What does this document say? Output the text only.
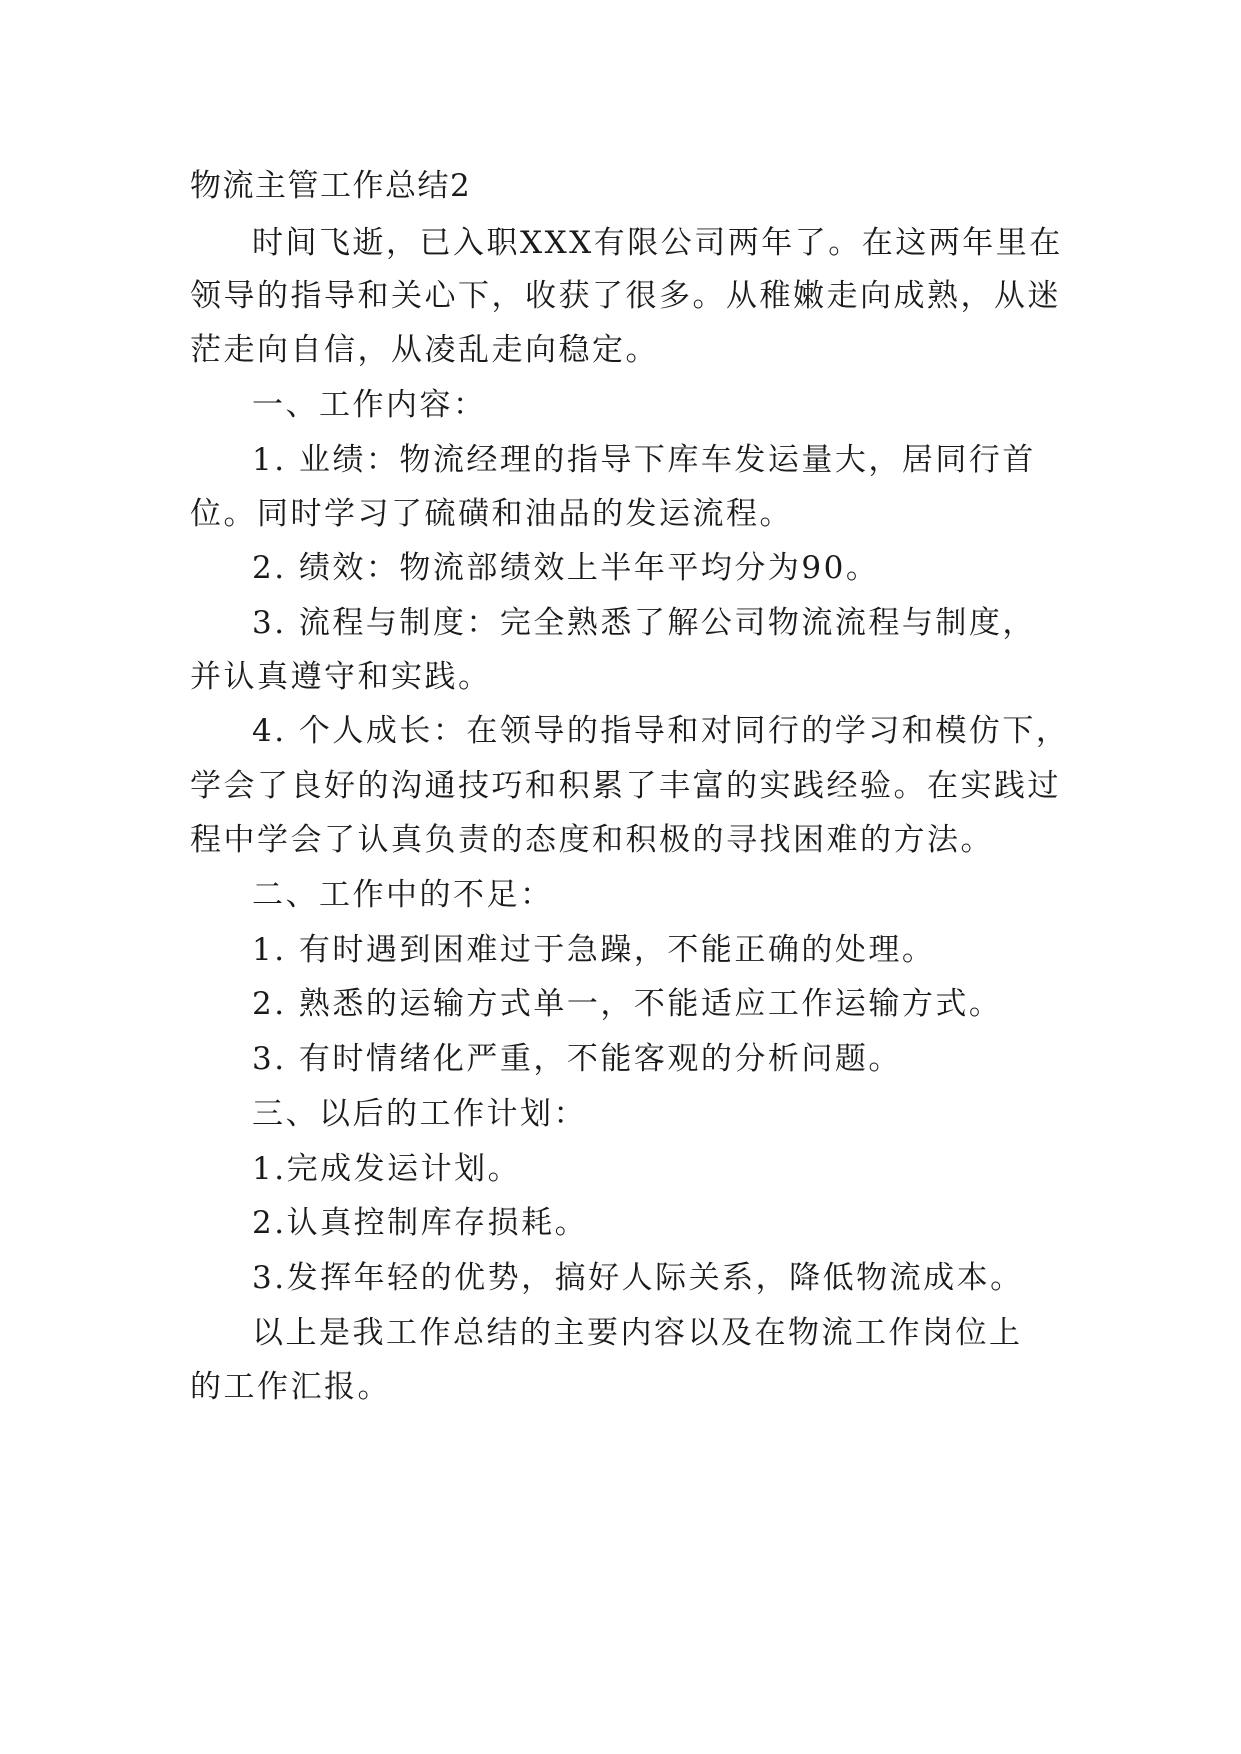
物流主管工作总结2
时间飞逝，已入职XXX有限公司两年了。在这两年里在
领导的指导和关心下，收获了很多。从稚嫩走向成熟，从迷
茫走向自信，从凌乱走向稳定。
一、工作内容：
1. 业绩：物流经理的指导下库车发运量大，居同行首
位。同时学习了硫磺和油品的发运流程。
2. 绩效：物流部绩效上半年平均分为90。
3. 流程与制度：完全熟悉了解公司物流流程与制度，
并认真遵守和实践。
4. 个人成长：在领导的指导和对同行的学习和模仿下，
学会了良好的沟通技巧和积累了丰富的实践经验。在实践过
程中学会了认真负责的态度和积极的寻找困难的方法。
二、工作中的不足：
1. 有时遇到困难过于急躁，不能正确的处理。
2. 熟悉的运输方式单一，不能适应工作运输方式。
3. 有时情绪化严重，不能客观的分析问题。
三、以后的工作计划：
1.完成发运计划。
2.认真控制库存损耗。
3.发挥年轻的优势，搞好人际关系，降低物流成本。
以上是我工作总结的主要内容以及在物流工作岗位上
的工作汇报。
